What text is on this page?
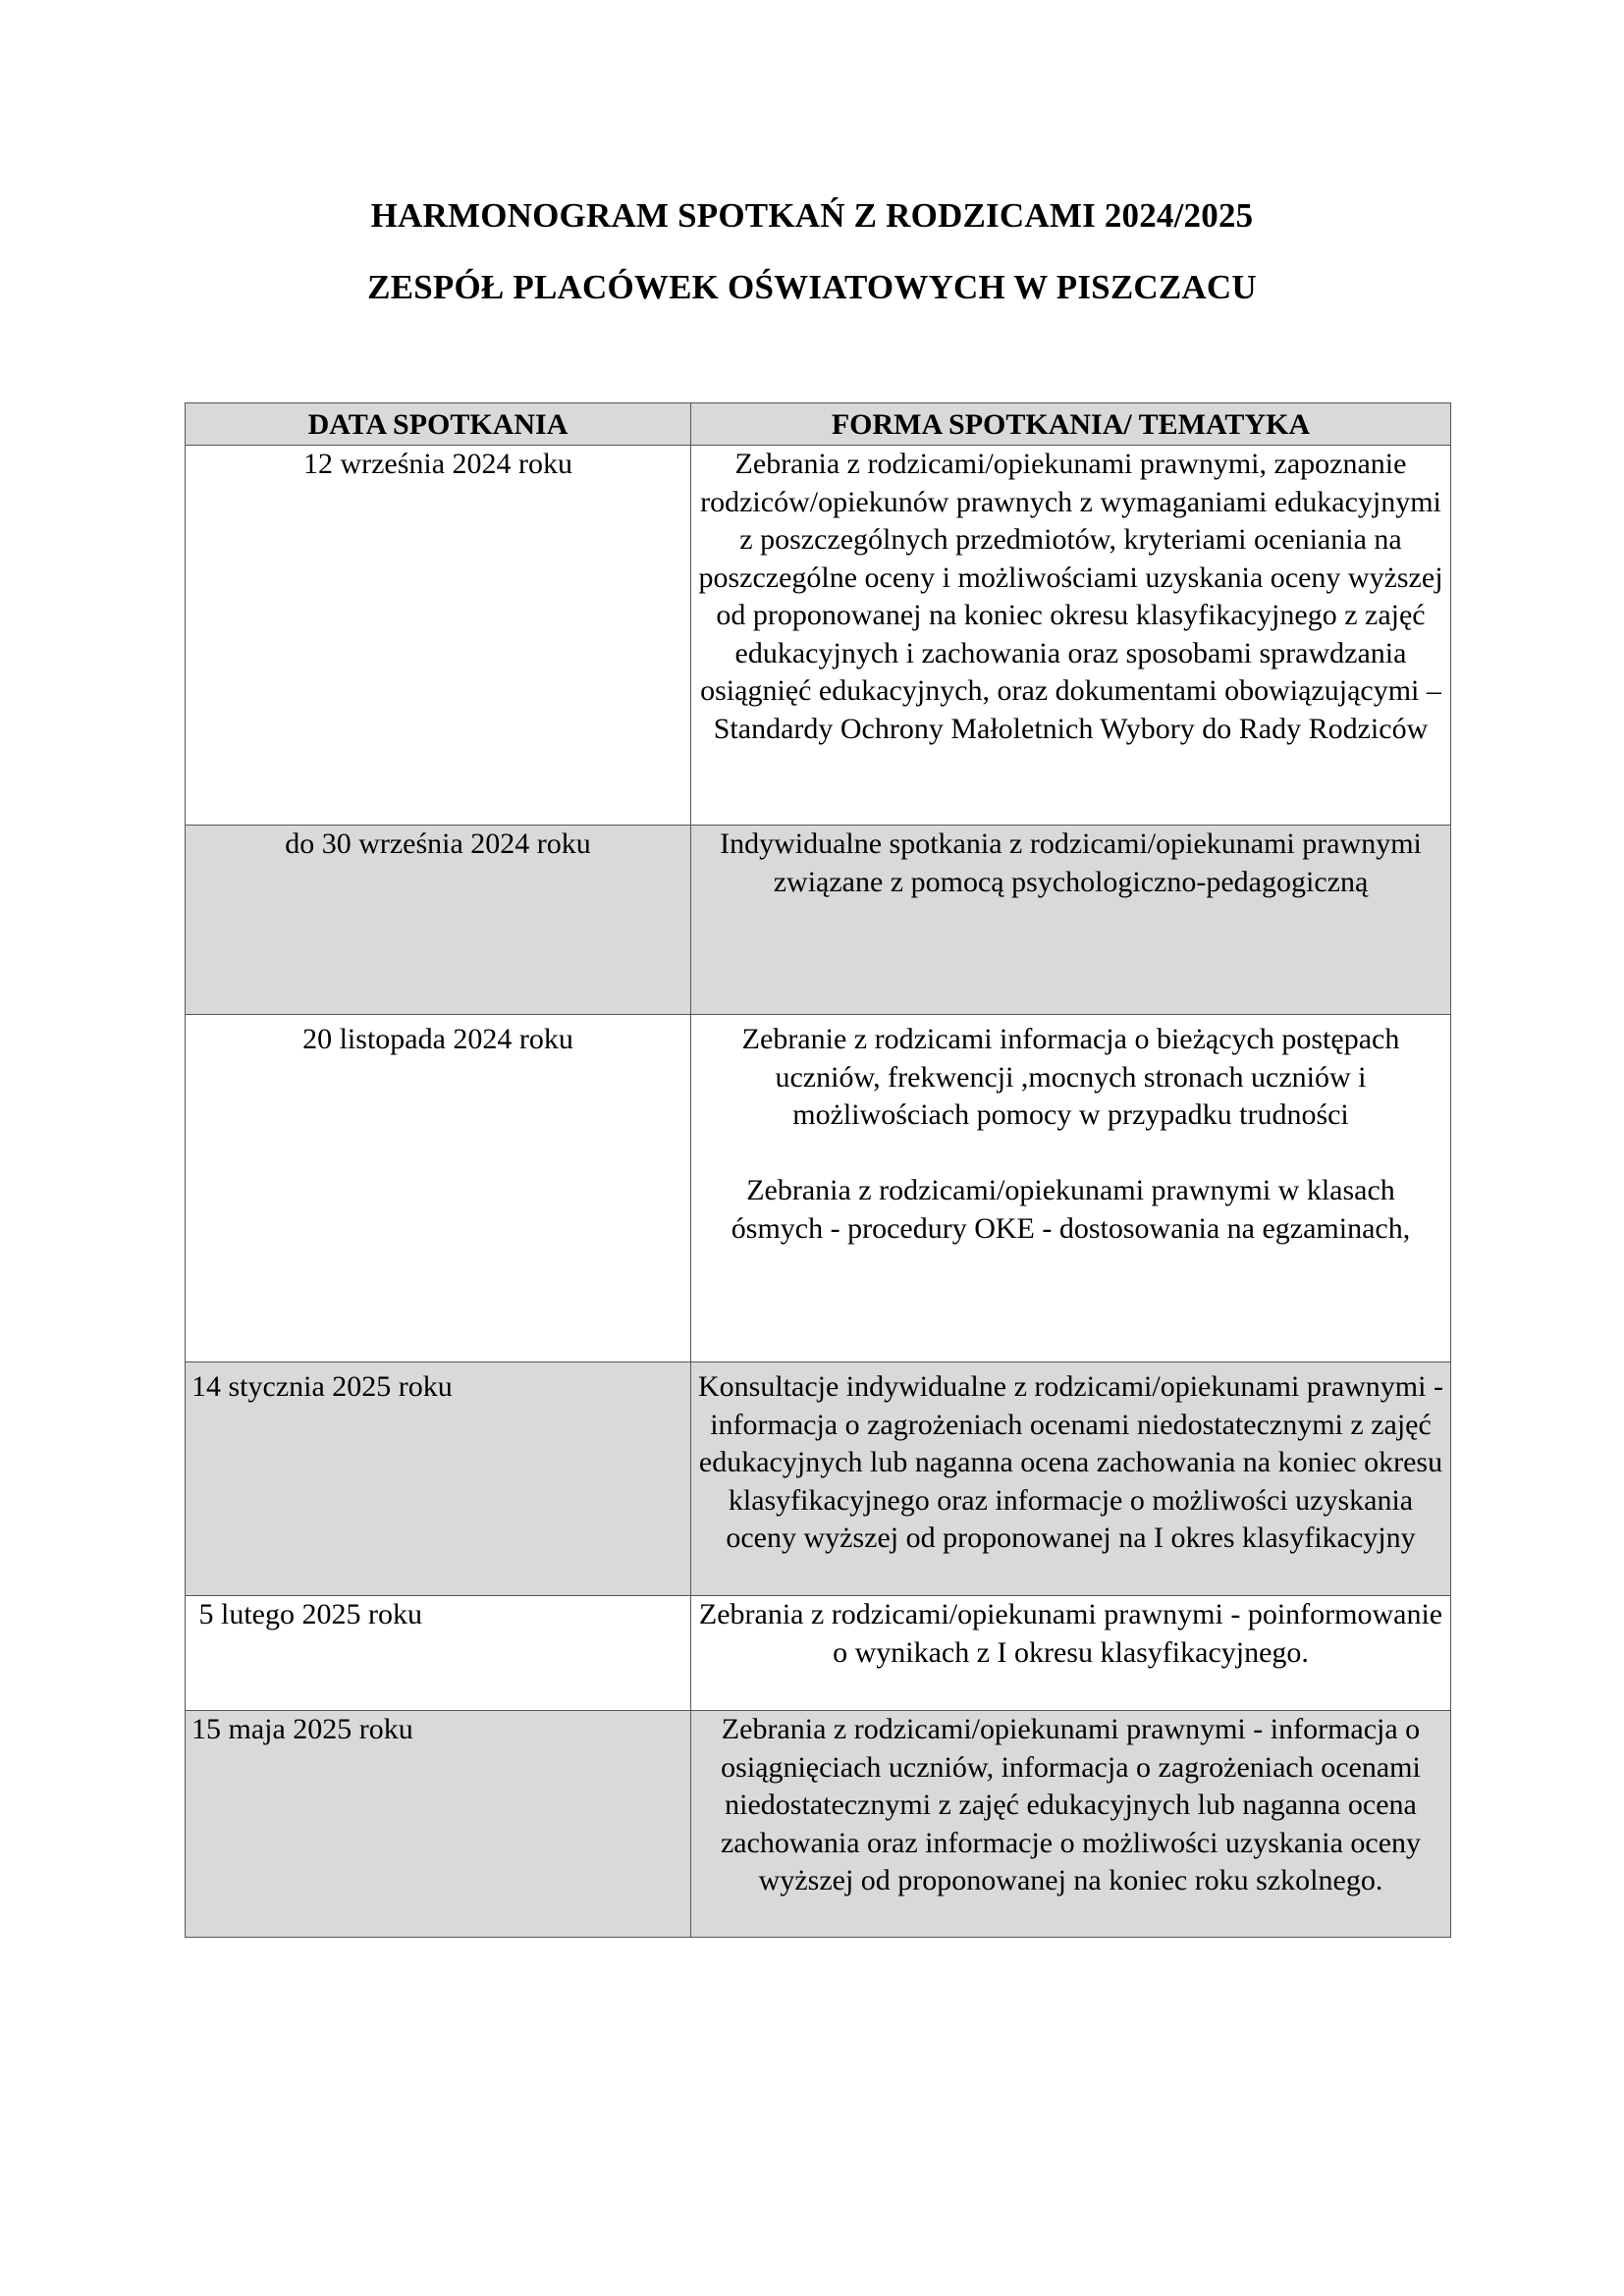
HARMONOGRAM SPOTKAŃ Z RODZICAMI 2024/2025
ZESPÓŁ PLACÓWEK OŚWIATOWYCH W PISZCZACU
DATA SPOTKANIA	FORMA SPOTKANIA/ TEMATYKA
12 września 2024 roku	Zebrania z rodzicami/opiekunami prawnymi, zapoznanie rodziców/opiekunów prawnych z wymaganiami edukacyjnymi z poszczególnych przedmiotów, kryteriami oceniania na poszczególne oceny i możliwościami uzyskania oceny wyższej od proponowanej na koniec okresu klasyfikacyjnego z zajęć edukacyjnych i zachowania oraz sposobami sprawdzania osiągnięć edukacyjnych, oraz dokumentami obowiązującymi – Standardy Ochrony Małoletnich Wybory do Rady Rodziców

do 30 września 2024 roku	Indywidualne spotkania z rodzicami/opiekunami prawnymi związane z pomocą psychologiczno-pedagogiczną

20 listopada 2024 roku	Zebranie z rodzicami informacja o bieżących postępach uczniów, frekwencji ,mocnych stronach uczniów i możliwościach pomocy w przypadku trudności
Zebrania z rodzicami/opiekunami prawnymi w klasach ósmych - procedury OKE - dostosowania na egzaminach,

14 stycznia 2025 roku	Konsultacje indywidualne z rodzicami/opiekunami prawnymi - informacja o zagrożeniach ocenami niedostatecznymi z zajęć edukacyjnych lub naganna ocena zachowania na koniec okresu klasyfikacyjnego oraz informacje o możliwości uzyskania oceny wyższej od proponowanej na I okres klasyfikacyjny

5 lutego 2025 roku	Zebrania z rodzicami/opiekunami prawnymi - poinformowanie o wynikach z I okresu klasyfikacyjnego.

15 maja 2025 roku	Zebrania z rodzicami/opiekunami prawnymi - informacja o osiągnięciach uczniów, informacja o zagrożeniach ocenami niedostatecznymi z zajęć edukacyjnych lub naganna ocena zachowania oraz informacje o możliwości uzyskania oceny wyższej od proponowanej na koniec roku szkolnego.
